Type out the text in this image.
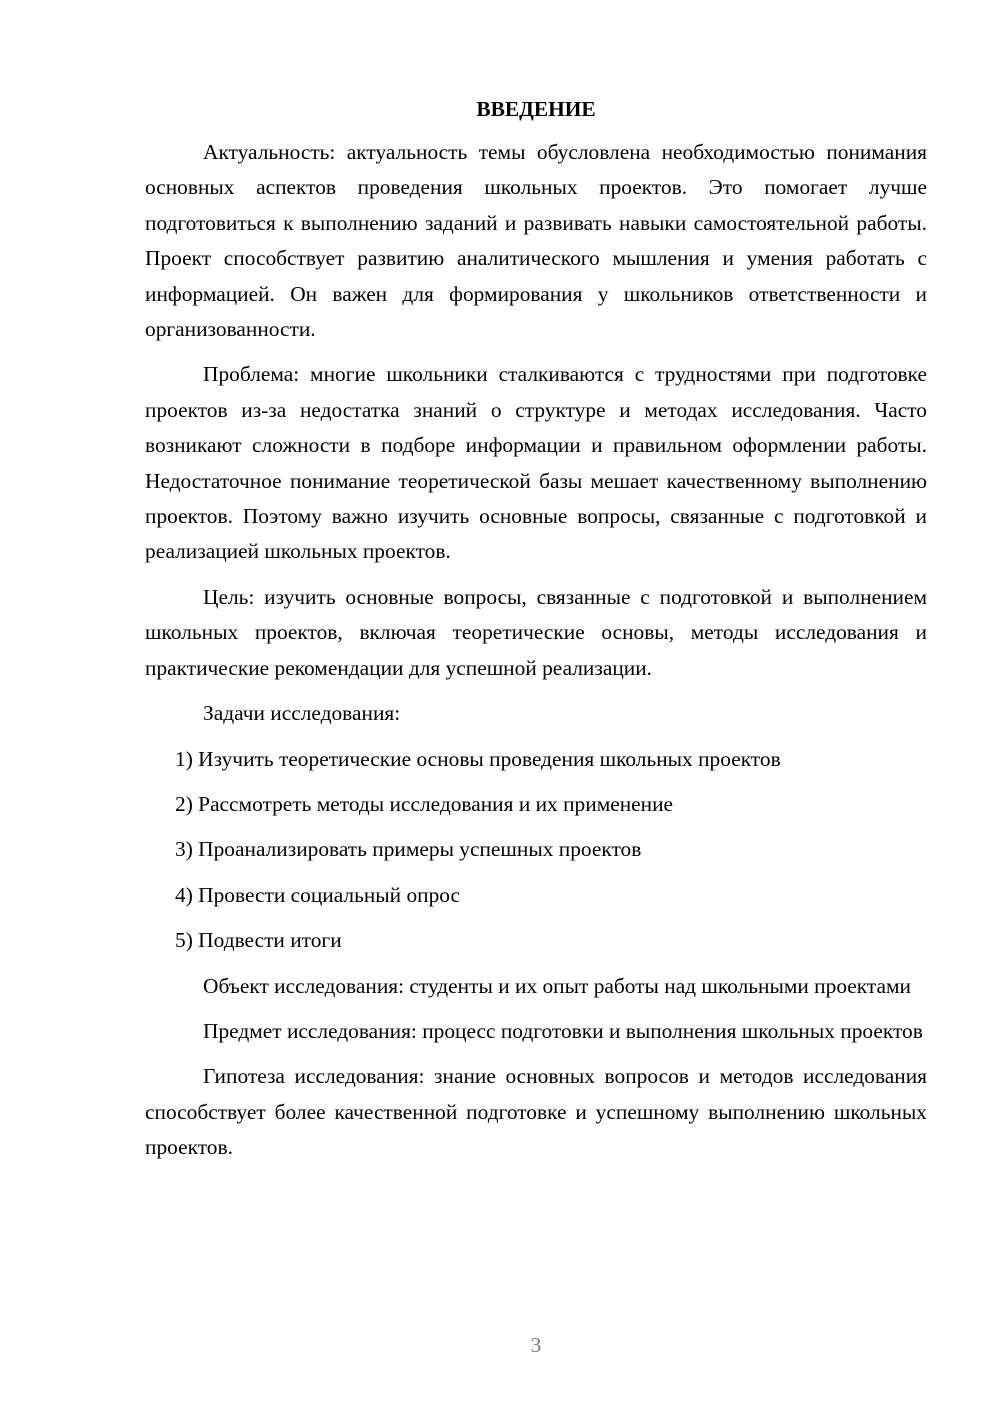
ВВЕДЕНИЕ

Актуальность: актуальность темы обусловлена необходимостью понимания основных аспектов проведения школьных проектов. Это помогает лучше подготовиться к выполнению заданий и развивать навыки самостоятельной работы. Проект способствует развитию аналитического мышления и умения работать с информацией. Он важен для формирования у школьников ответственности и организованности.

Проблема: многие школьники сталкиваются с трудностями при подготовке проектов из-за недостатка знаний о структуре и методах исследования. Часто возникают сложности в подборе информации и правильном оформлении работы. Недостаточное понимание теоретической базы мешает качественному выполнению проектов. Поэтому важно изучить основные вопросы, связанные с подготовкой и реализацией школьных проектов.

Цель: изучить основные вопросы, связанные с подготовкой и выполнением школьных проектов, включая теоретические основы, методы исследования и практические рекомендации для успешной реализации.

Задачи исследования:

1) Изучить теоретические основы проведения школьных проектов
2) Рассмотреть методы исследования и их применение
3) Проанализировать примеры успешных проектов
4) Провести социальный опрос
5) Подвести итоги

Объект исследования: студенты и их опыт работы над школьными проектами

Предмет исследования: процесс подготовки и выполнения школьных проектов

Гипотеза исследования: знание основных вопросов и методов исследования способствует более качественной подготовке и успешному выполнению школьных проектов.

3
